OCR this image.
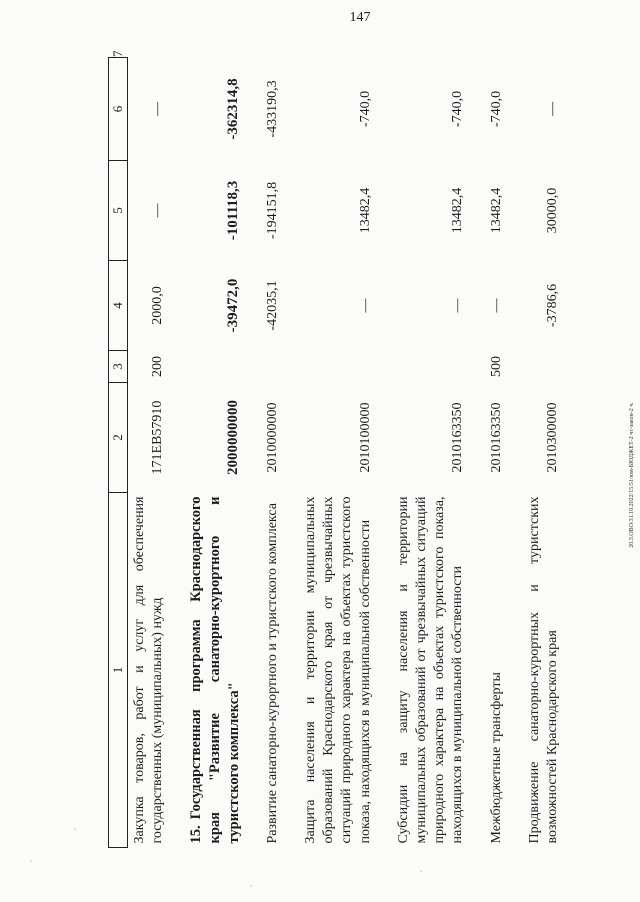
147
1	2	3	4	5	6	7
Закупка товаров, работ и услуг для обеспечения государственных (муниципальных) нужд	171EB57910	200	2000,0	—	—	
15.Государственная программа Краснодарского края "Развитие санаторно-курортного и туристского комплекса"	2000000000		-39472,0	-101118,3	-362314,8	
Развитие санаторно-курортного и туристского комплекса	2010000000		-42035,1	-194151,8	-433190,3	
Защита населения и территории муниципальных образований Краснодарского края от чрезвычайных ситуаций природного характера на объектах туристского показа, находящихся в муниципальной собственности	2010100000		—	13482,4	-740,0	
Субсидии на защиту населения и территории муниципальных образований от чрезвычайных ситуаций природного характера на объектах туристского показа, находящихся в муниципальной собственности	2010163350		—	13482,4	-740,0	
Межбюджетные трансферты	2010163350	500	—	13482,4	-740,0	
Продвижение санаторно-курортных и туристских возможностей Краснодарского края	2010300000		-3786,6	30000,0	—	
20.3.OBO/31.10.2022/15:51/юм-БЮДЖЕТ-2 чт-закон-2 ч.
